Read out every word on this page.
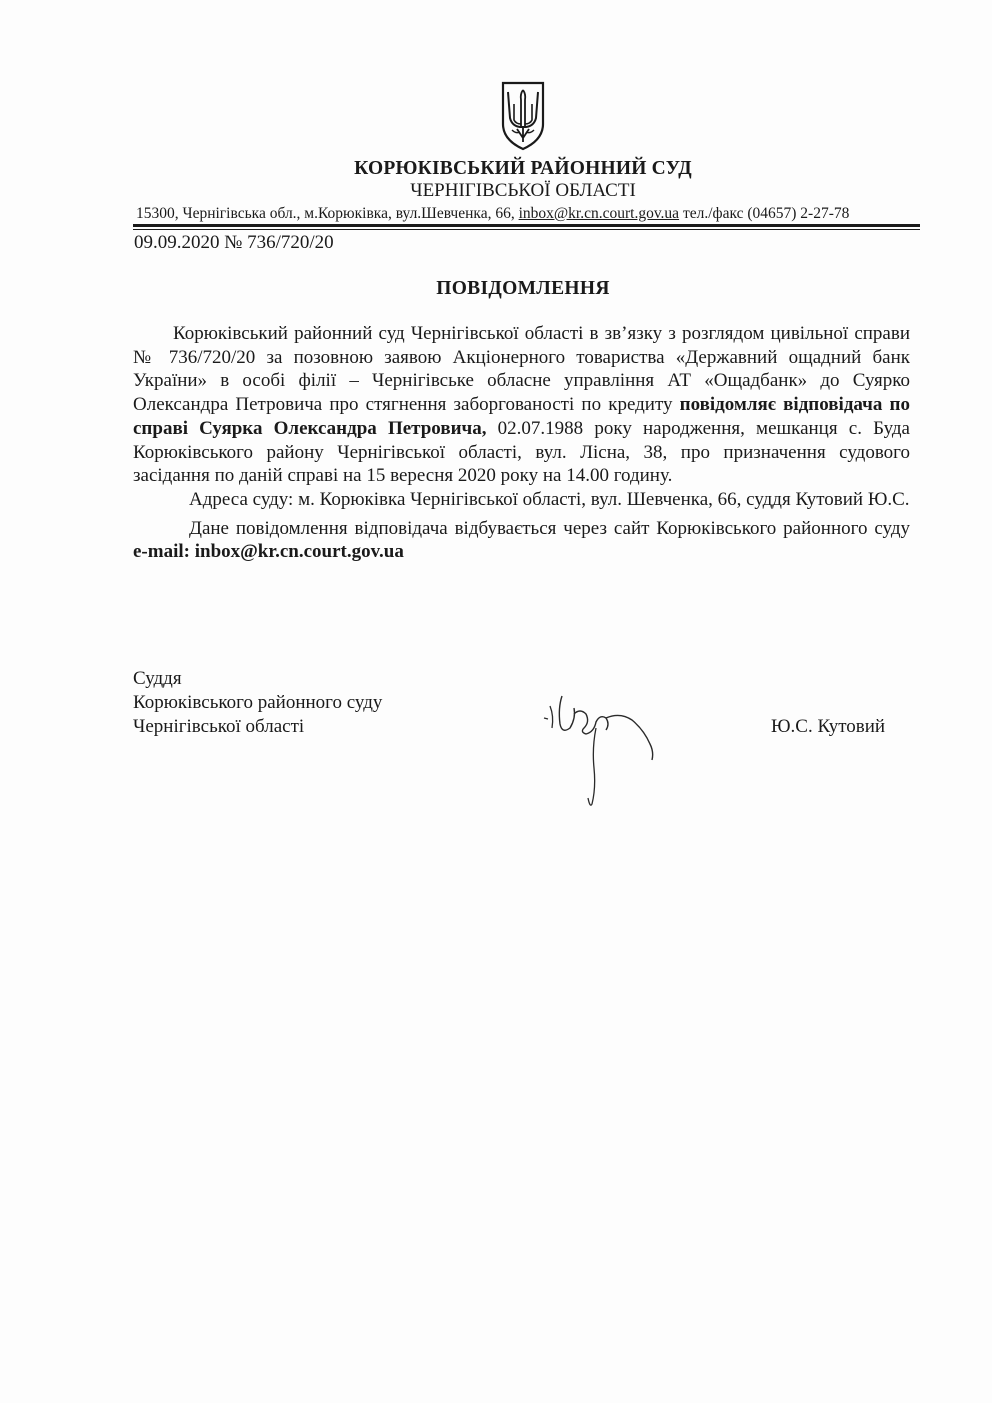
КОРЮКІВСЬКИЙ РАЙОННИЙ СУД
ЧЕРНІГІВСЬКОЇ ОБЛАСТІ
15300, Чернігівська обл., м.Корюківка, вул.Шевченка, 66, inbox@kr.cn.court.gov.ua тел./факс (04657) 2-27-78
09.09.2020 № 736/720/20
ПОВІДОМЛЕННЯ

Корюківський районний суд Чернігівської області в зв’язку з розглядом цивільної справи № 736/720/20 за позовною заявою Акціонерного товариства «Державний ощадний банк України» в особі філії – Чернігівське обласне управління АТ «Ощадбанк» до Суярко Олександра Петровича про стягнення заборгованості по кредиту повідомляє відповідача по справі Суярка Олександра Петровича, 02.07.1988 року народження, мешканця с. Буда Корюківського району Чернігівської області, вул. Лісна, 38, про призначення судового засідання по даній справі на 15 вересня 2020 року на 14.00 годину.

Адреса суду: м. Корюківка Чернігівської області, вул. Шевченка, 66, суддя Кутовий Ю.С.

Дане повідомлення відповідача відбувається через сайт Корюківського районного суду e-mail: inbox@kr.cn.court.gov.ua

Суддя
Корюківського районного суду
Чернігівської області	Ю.С. Кутовий
